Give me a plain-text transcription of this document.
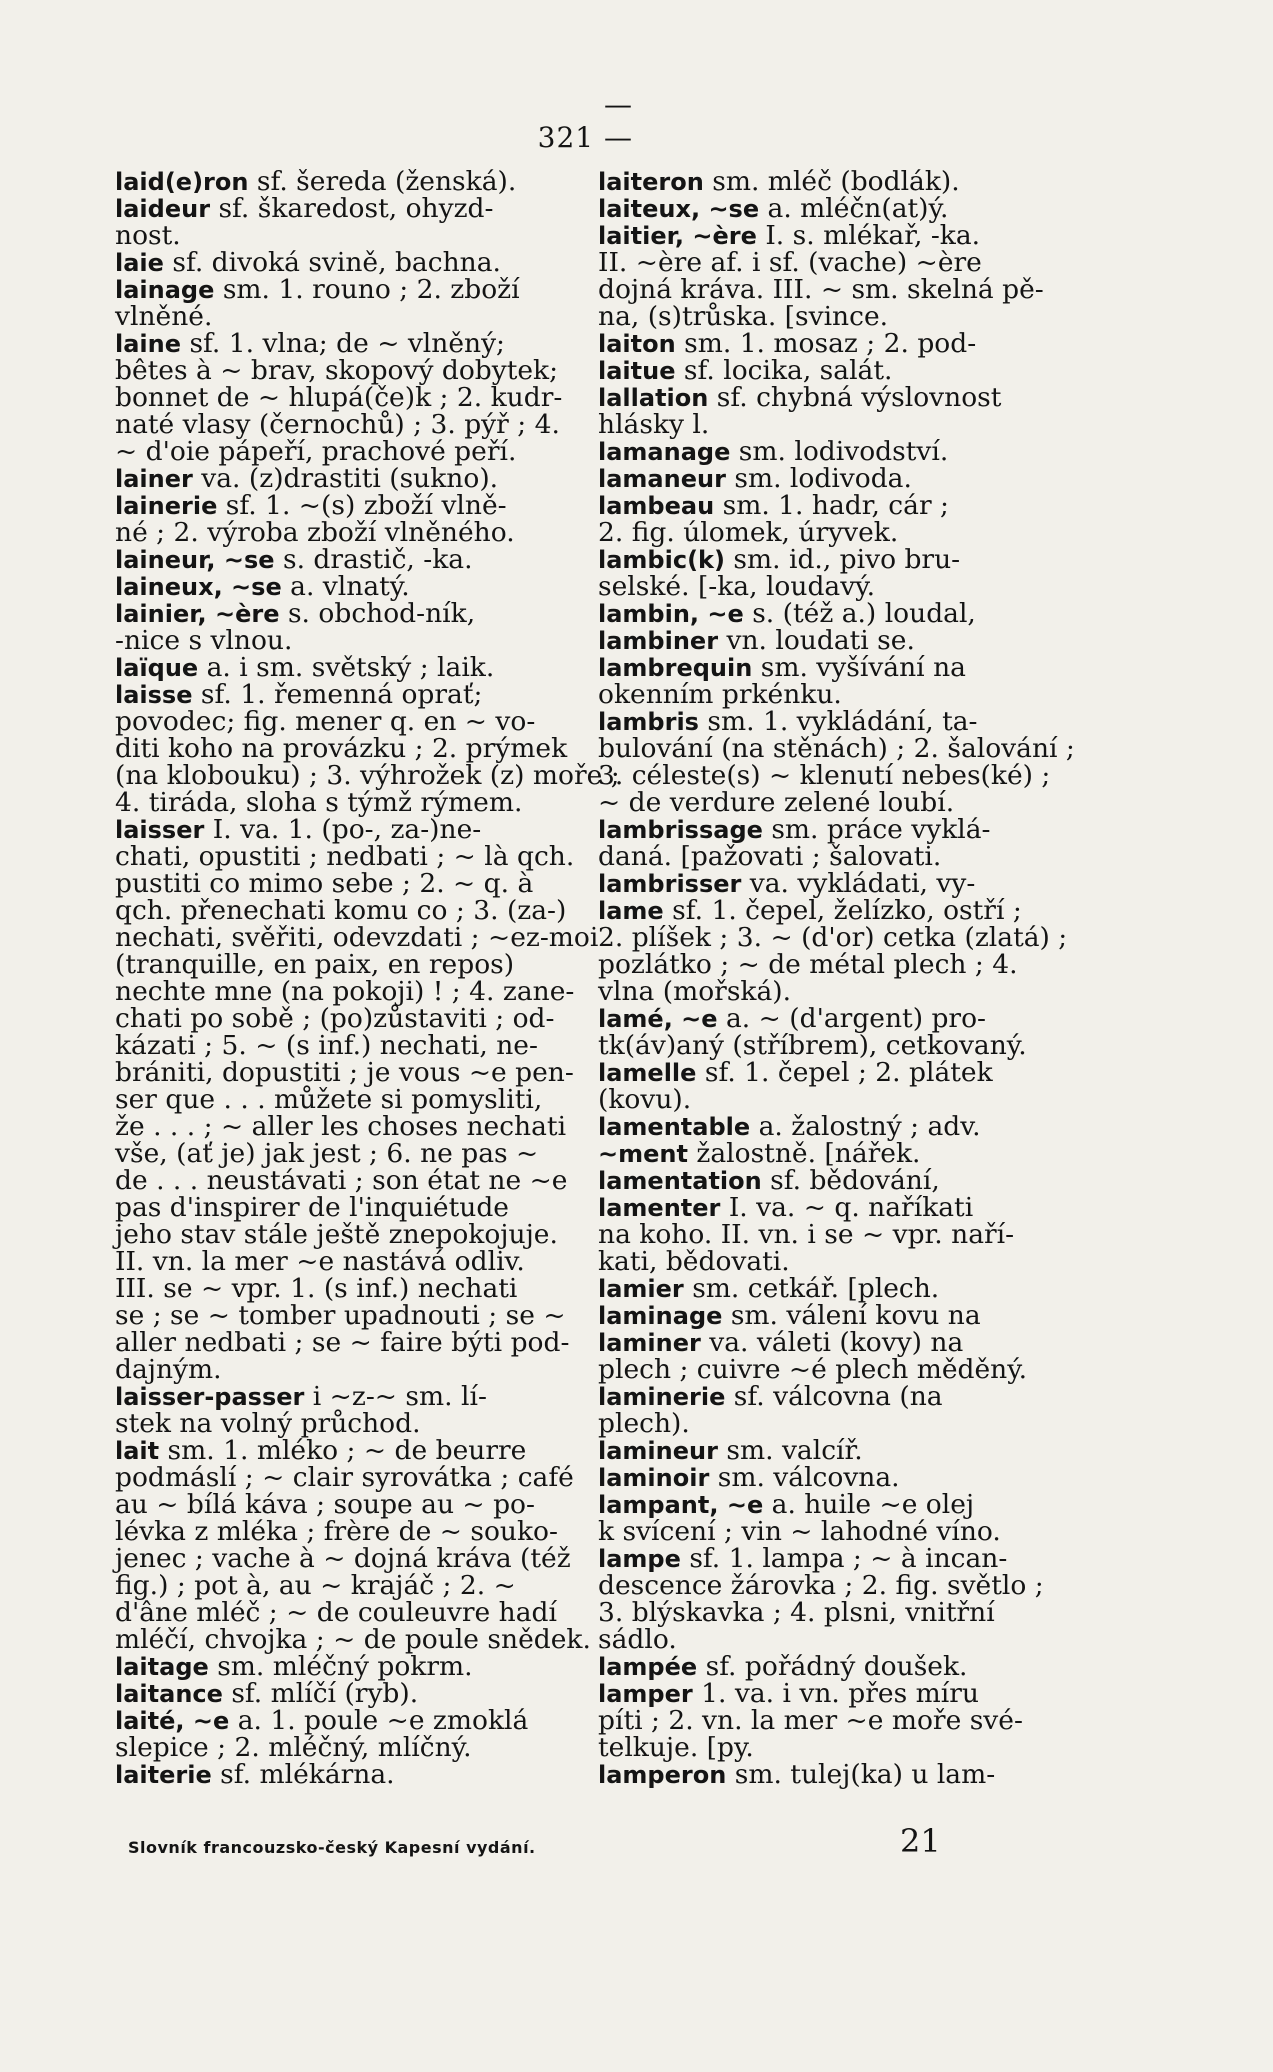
— 321 —
laid(e)ron sf. šereda (ženská).
laideur sf. škaredost, ohyzd-
nost.
laie sf. divoká svině, bachna.
lainage sm. 1. rouno ; 2. zboží
vlněné.
laine sf. 1. vlna; de ~ vlněný;
bêtes à ~ brav, skopový dobytek;
bonnet de ~ hlupá(če)k ; 2. kudr-
naté vlasy (černochů) ; 3. pýř ; 4.
~ d'oie pápeří, prachové peří.
lainer va. (z)drastiti (sukno).
lainerie sf. 1. ~(s) zboží vlně-
né ; 2. výroba zboží vlněného.
laineur, ~se s. drastič, -ka.
laineux, ~se a. vlnatý.
lainier, ~ère s. obchod-ník,
-nice s vlnou.
laïque a. i sm. světský ; laik.
laisse sf. 1. řemenná oprať;
povodec; fig. mener q. en ~ vo-
diti koho na provázku ; 2. prýmek
(na klobouku) ; 3. výhrožek (z) moře ;
4. tiráda, sloha s týmž rýmem.
laisser I. va. 1. (po-, za-)ne-
chati, opustiti ; nedbati ; ~ là qch.
pustiti co mimo sebe ; 2. ~ q. à
qch. přenechati komu co ; 3. (za-)
nechati, svěřiti, odevzdati ; ~ez-moi
(tranquille, en paix, en repos)
nechte mne (na pokoji) ! ; 4. zane-
chati po sobě ; (po)zůstaviti ; od-
kázati ; 5. ~ (s inf.) nechati, ne-
brániti, dopustiti ; je vous ~e pen-
ser que . . . můžete si pomysliti,
že . . . ; ~ aller les choses nechati
vše, (ať je) jak jest ; 6. ne pas ~
de . . . neustávati ; son état ne ~e
pas d'inspirer de l'inquiétude
jeho stav stále ještě znepokojuje.
II. vn. la mer ~e nastává odliv.
III. se ~ vpr. 1. (s inf.) nechati
se ; se ~ tomber upadnouti ; se ~
aller nedbati ; se ~ faire býti pod-
dajným.
laisser-passer i ~z-~ sm. lí-
stek na volný průchod.
lait sm. 1. mléko ; ~ de beurre
podmáslí ; ~ clair syrovátka ; café
au ~ bílá káva ; soupe au ~ po-
lévka z mléka ; frère de ~ souko-
jenec ; vache à ~ dojná kráva (též
fig.) ; pot à, au ~ krajáč ; 2. ~
d'âne mléč ; ~ de couleuvre hadí
mléčí, chvojka ; ~ de poule snědek.
laitage sm. mléčný pokrm.
laitance sf. mlíčí (ryb).
laité, ~e a. 1. poule ~e zmoklá
slepice ; 2. mléčný, mlíčný.
laiterie sf. mlékárna.
laiteron sm. mléč (bodlák).
laiteux, ~se a. mléčn(at)ý.
laitier, ~ère I. s. mlékař, -ka.
II. ~ère af. i sf. (vache) ~ère
dojná kráva. III. ~ sm. skelná pě-
na, (s)trůska. [svince.
laiton sm. 1. mosaz ; 2. pod-
laitue sf. locika, salát.
lallation sf. chybná výslovnost
hlásky l.
lamanage sm. lodivodství.
lamaneur sm. lodivoda.
lambeau sm. 1. hadr, cár ;
2. fig. úlomek, úryvek.
lambic(k) sm. id., pivo bru-
selské. [-ka, loudavý.
lambin, ~e s. (též a.) loudal,
lambiner vn. loudati se.
lambrequin sm. vyšívání na
okenním prkénku.
lambris sm. 1. vykládání, ta-
bulování (na stěnách) ; 2. šalování ;
3. céleste(s) ~ klenutí nebes(ké) ;
~ de verdure zelené loubí.
lambrissage sm. práce vyklá-
daná. [pažovati ; šalovati.
lambrisser va. vykládati, vy-
lame sf. 1. čepel, želízko, ostří ;
2. plíšek ; 3. ~ (d'or) cetka (zlatá) ;
pozlátko ; ~ de métal plech ; 4.
vlna (mořská).
lamé, ~e a. ~ (d'argent) pro-
tk(áv)aný (stříbrem), cetkovaný.
lamelle sf. 1. čepel ; 2. plátek
(kovu).
lamentable a. žalostný ; adv.
~ment žalostně. [nářek.
lamentation sf. bědování,
lamenter I. va. ~ q. naříkati
na koho. II. vn. i se ~ vpr. naří-
kati, bědovati.
lamier sm. cetkář. [plech.
laminage sm. válení kovu na
laminer va. váleti (kovy) na
plech ; cuivre ~é plech měděný.
laminerie sf. válcovna (na
plech).
lamineur sm. valcíř.
laminoir sm. válcovna.
lampant, ~e a. huile ~e olej
k svícení ; vin ~ lahodné víno.
lampe sf. 1. lampa ; ~ à incan-
descence žárovka ; 2. fig. světlo ;
3. blýskavka ; 4. plsni, vnitřní
sádlo.
lampée sf. pořádný doušek.
lamper 1. va. i vn. přes míru
píti ; 2. vn. la mer ~e moře své-
telkuje. [py.
lamperon sm. tulej(ka) u lam-
Slovník francouzsko-český Kapesní vydání.	21
